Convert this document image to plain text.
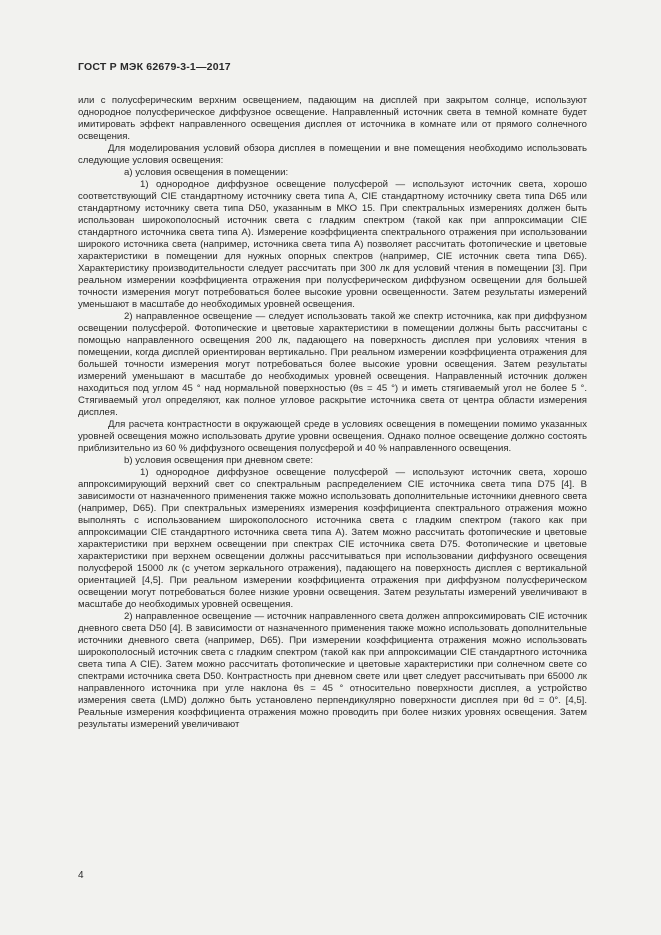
ГОСТ Р МЭК 62679-3-1—2017

или с полусферическим верхним освещением, падающим на дисплей при закрытом солнце, используют однородное полусферическое диффузное освещение. Направленный источник света в темной комнате будет имитировать эффект направленного освещения дисплея от источника в комнате или от прямого солнечного освещения.

Для моделирования условий обзора дисплея в помещении и вне помещения необходимо использовать следующие условия освещения:

а) условия освещения в помещении:

1) однородное диффузное освещение полусферой — используют источник света, хорошо соответствующий CIE стандартному источнику света типа А, CIE стандартному источнику света типа D65 или стандартному источнику света типа D50, указанным в МКО 15. При спектральных измерениях должен быть использован широкополосный источник света с гладким спектром (такой как при аппроксимации CIE стандартного источника света типа А). Измерение коэффициента спектрального отражения при использовании широкого источника света (например, источника света типа А) позволяет рассчитать фотопические и цветовые характеристики в помещении для нужных опорных спектров (например, CIE источник света типа D65). Характеристику производительности следует рассчитать при 300 лк для условий чтения в помещении [3]. При реальном измерении коэффициента отражения при полусферическом диффузном освещении для большей точности измерения могут потребоваться более высокие уровни освещенности. Затем результаты измерений уменьшают в масштабе до необходимых уровней освещения.

2) направленное освещение — следует использовать такой же спектр источника, как при диффузном освещении полусферой. Фотопические и цветовые характеристики в помещении должны быть рассчитаны с помощью направленного освещения 200 лк, падающего на поверхность дисплея при условиях чтения в помещении, когда дисплей ориентирован вертикально. При реальном измерении коэффициента отражения для большей точности измерения могут потребоваться более высокие уровни освещения. Затем результаты измерений уменьшают в масштабе до необходимых уровней освещения. Направленный источник должен находиться под углом 45 ° над нормальной поверхностью (θs = 45 °) и иметь стягиваемый угол не более 5 °. Стягиваемый угол определяют, как полное угловое раскрытие источника света от центра области измерения дисплея.

Для расчета контрастности в окружающей среде в условиях освещения в помещении помимо указанных уровней освещения можно использовать другие уровни освещения. Однако полное освещение должно состоять приблизительно из 60 % диффузного освещения полусферой и 40 % направленного освещения.

b) условия освещения при дневном свете:

1) однородное диффузное освещение полусферой — используют источник света, хорошо аппроксимирующий верхний свет со спектральным распределением CIE источника света типа D75 [4]. В зависимости от назначенного применения также можно использовать дополнительные источники дневного света (например, D65). При спектральных измерениях измерения коэффициента спектрального отражения можно выполнять с использованием широкополосного источника света с гладким спектром (такого как при аппроксимации CIE стандартного источника света типа А). Затем можно рассчитать фотопические и цветовые характеристики при верхнем освещении при спектрах CIE источника света D75. Фотопические и цветовые характеристики при верхнем освещении должны рассчитываться при использовании диффузного освещения полусферой 15000 лк (с учетом зеркального отражения), падающего на поверхность дисплея с вертикальной ориентацией [4,5]. При реальном измерении коэффициента отражения при диффузном полусферическом освещении могут потребоваться более низкие уровни освещения. Затем результаты измерений увеличивают в масштабе до необходимых уровней освещения.

2) направленное освещение — источник направленного света должен аппроксимировать CIE источник дневного света D50 [4]. В зависимости от назначенного применения также можно использовать дополнительные источники дневного света (например, D65). При измерении коэффициента отражения можно использовать широкополосный источник света с гладким спектром (такой как при аппроксимации CIE стандартного источника света типа А CIE). Затем можно рассчитать фотопические и цветовые характеристики при солнечном свете со спектрами источника света D50. Контрастность при дневном свете или цвет следует рассчитывать при 65000 лк направленного источника при угле наклона θs = 45 ° относительно поверхности дисплея, а устройство измерения света (LMD) должно быть установлено перпендикулярно поверхности дисплея при θd = 0°. [4,5]. Реальные измерения коэффициента отражения можно проводить при более низких уровнях освещения. Затем результаты измерений увеличивают

4
